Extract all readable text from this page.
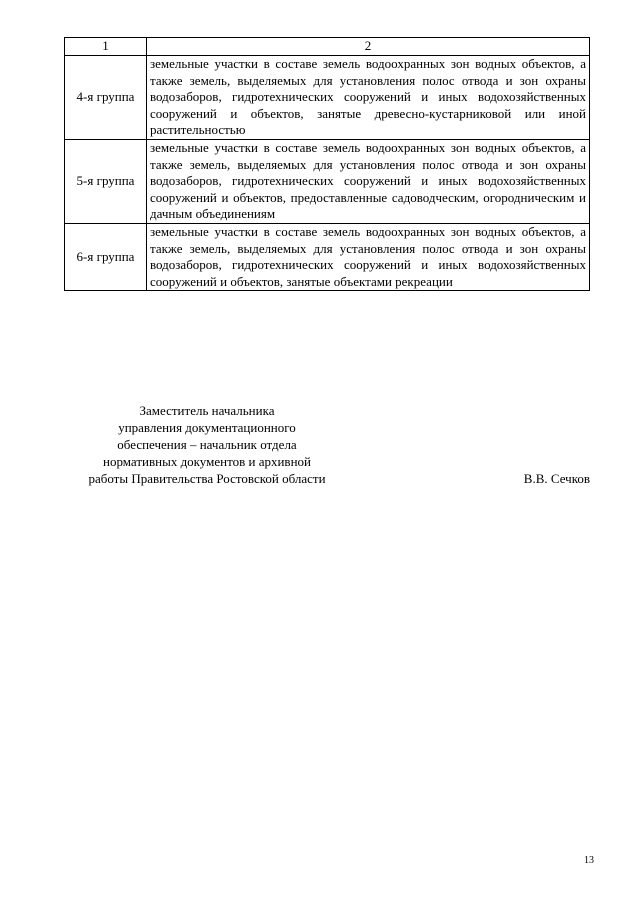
1	2
4-я группа	земельные участки в составе земель водоохранных зон водных объектов, а также земель, выделяемых для установления полос отвода и зон охраны водозаборов, гидротехнических сооружений и иных водохозяйственных сооружений и объектов, занятые древесно-кустарниковой или иной растительностью
5-я группа	земельные участки в составе земель водоохранных зон водных объектов, а также земель, выделяемых для установления полос отвода и зон охраны водозаборов, гидротехнических сооружений и иных водохозяйственных сооружений и объектов, предоставленные садоводческим, огородническим и дачным объединениям
6-я группа	земельные участки в составе земель водоохранных зон водных объектов, а также земель, выделяемых для установления полос отвода и зон охраны водозаборов, гидротехнических сооружений и иных водохозяйственных сооружений и объектов, занятые объектами рекреации
Заместитель начальника
управления документационного
обеспечения – начальник отдела
нормативных документов и архивной
работы Правительства Ростовской области	В.В. Сечков
13
